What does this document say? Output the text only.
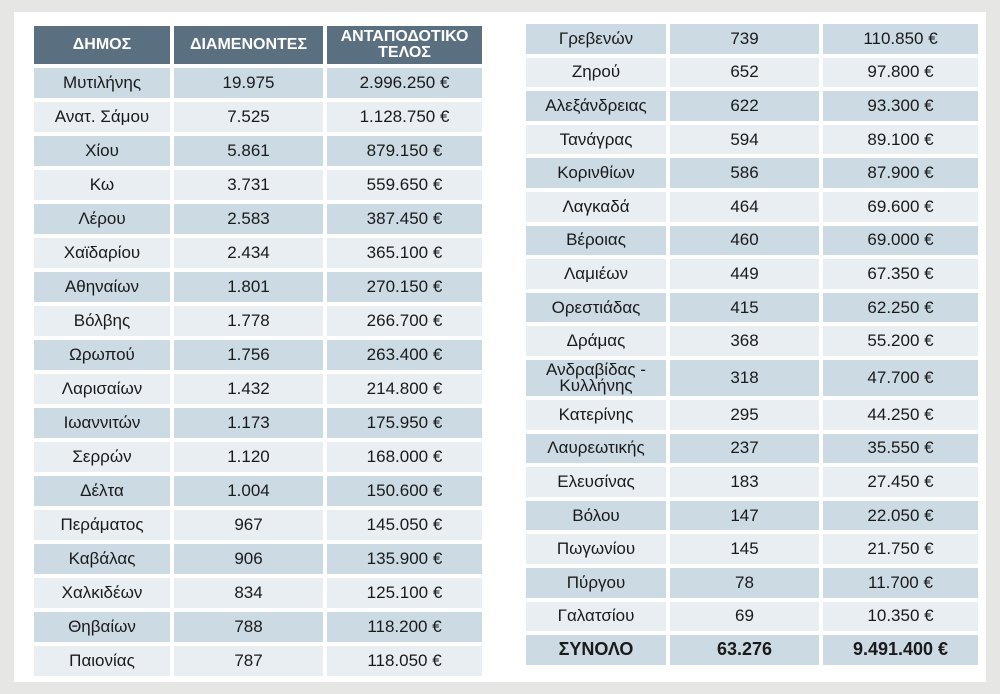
ΔΗΜΟΣ	ΔΙΑΜΕΝΟΝΤΕΣ	ΑΝΤΑΠΟΔΟΤΙΚΟ ΤΕΛΟΣ
Μυτιλήνης	19.975	2.996.250 €
Ανατ. Σάμου	7.525	1.128.750 €
Χίου	5.861	879.150 €
Κω	3.731	559.650 €
Λέρου	2.583	387.450 €
Χαϊδαρίου	2.434	365.100 €
Αθηναίων	1.801	270.150 €
Βόλβης	1.778	266.700 €
Ωρωπού	1.756	263.400 €
Λαρισαίων	1.432	214.800 €
Ιωαννιτών	1.173	175.950 €
Σερρών	1.120	168.000 €
Δέλτα	1.004	150.600 €
Περάματος	967	145.050 €
Καβάλας	906	135.900 €
Χαλκιδέων	834	125.100 €
Θηβαίων	788	118.200 €
Παιονίας	787	118.050 €
Γρεβενών	739	110.850 €
Ζηρού	652	97.800 €
Αλεξάνδρειας	622	93.300 €
Τανάγρας	594	89.100 €
Κορινθίων	586	87.900 €
Λαγκαδά	464	69.600 €
Βέροιας	460	69.000 €
Λαμιέων	449	67.350 €
Ορεστιάδας	415	62.250 €
Δράμας	368	55.200 €
Ανδραβίδας - Κυλλήνης	318	47.700 €
Κατερίνης	295	44.250 €
Λαυρεωτικής	237	35.550 €
Ελευσίνας	183	27.450 €
Βόλου	147	22.050 €
Πωγωνίου	145	21.750 €
Πύργου	78	11.700 €
Γαλατσίου	69	10.350 €
ΣΥΝΟΛΟ	63.276	9.491.400 €
